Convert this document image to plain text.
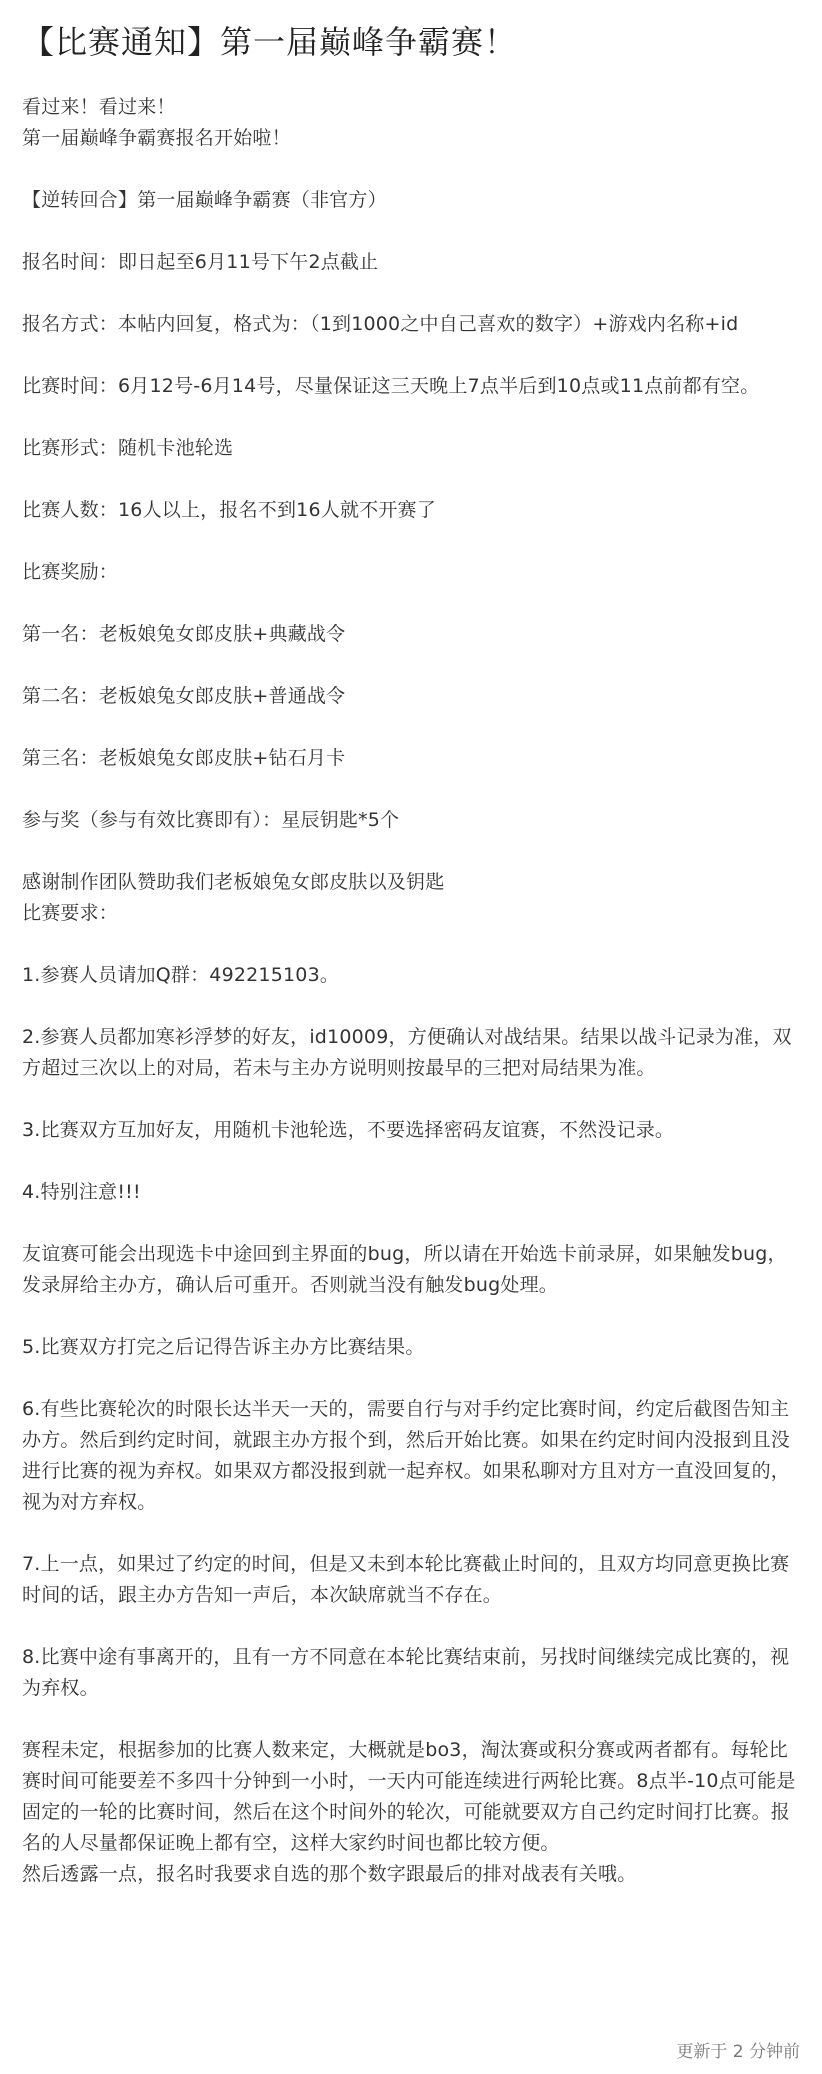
【比赛通知】第一届巅峰争霸赛！

看过来！看过来！

第一届巅峰争霸赛报名开始啦！

【逆转回合】第一届巅峰争霸赛（非官方）

报名时间：即日起至6月11号下午2点截止

报名方式：本帖内回复，格式为：（1到1000之中自己喜欢的数字）+游戏内名称+id

比赛时间：6月12号-6月14号，尽量保证这三天晚上7点半后到10点或11点前都有空。

比赛形式：随机卡池轮选

比赛人数：16人以上，报名不到16人就不开赛了

比赛奖励：

第一名：老板娘兔女郎皮肤+典藏战令

第二名：老板娘兔女郎皮肤+普通战令

第三名：老板娘兔女郎皮肤+钻石月卡

参与奖（参与有效比赛即有）：星辰钥匙*5个

感谢制作团队赞助我们老板娘兔女郎皮肤以及钥匙

比赛要求：

1.参赛人员请加Q群：492215103。

2.参赛人员都加寒衫浮梦的好友，id10009，方便确认对战结果。结果以战斗记录为准，双方超过三次以上的对局，若未与主办方说明则按最早的三把对局结果为准。

3.比赛双方互加好友，用随机卡池轮选，不要选择密码友谊赛，不然没记录。

4.特别注意!!!

友谊赛可能会出现选卡中途回到主界面的bug，所以请在开始选卡前录屏，如果触发bug，发录屏给主办方，确认后可重开。否则就当没有触发bug处理。

5.比赛双方打完之后记得告诉主办方比赛结果。

6.有些比赛轮次的时限长达半天一天的，需要自行与对手约定比赛时间，约定后截图告知主办方。然后到约定时间，就跟主办方报个到，然后开始比赛。如果在约定时间内没报到且没进行比赛的视为弃权。如果双方都没报到就一起弃权。如果私聊对方且对方一直没回复的，视为对方弃权。

7.上一点，如果过了约定的时间，但是又未到本轮比赛截止时间的，且双方均同意更换比赛时间的话，跟主办方告知一声后，本次缺席就当不存在。

8.比赛中途有事离开的，且有一方不同意在本轮比赛结束前，另找时间继续完成比赛的，视为弃权。

赛程未定，根据参加的比赛人数来定，大概就是bo3，淘汰赛或积分赛或两者都有。每轮比赛时间可能要差不多四十分钟到一小时，一天内可能连续进行两轮比赛。8点半-10点可能是固定的一轮的比赛时间，然后在这个时间外的轮次，可能就要双方自己约定时间打比赛。报名的人尽量都保证晚上都有空，这样大家约时间也都比较方便。

然后透露一点，报名时我要求自选的那个数字跟最后的排对战表有关哦。

更新于 2 分钟前
